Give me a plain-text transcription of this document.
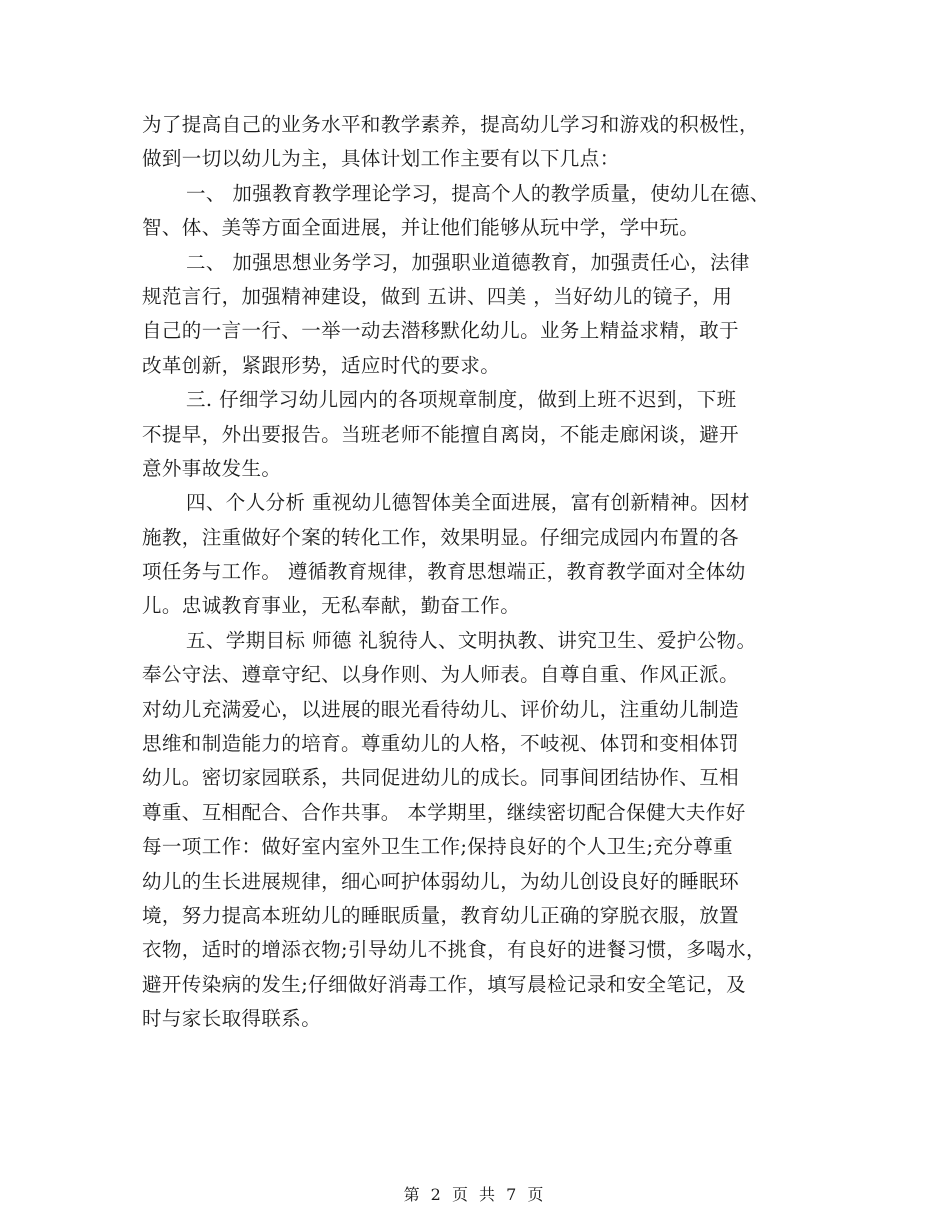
为了提高自己的业务水平和教学素养，提高幼儿学习和游戏的积极性，
做到一切以幼儿为主，具体计划工作主要有以下几点：
一、 加强教育教学理论学习，提高个人的教学质量，使幼儿在德、
智、体、美等方面全面进展，并让他们能够从玩中学，学中玩。
二、 加强思想业务学习，加强职业道德教育，加强责任心，法律
规范言行，加强精神建设，做到 五讲、四美 ，当好幼儿的镜子，用
自己的一言一行、一举一动去潜移默化幼儿。业务上精益求精，敢于
改革创新，紧跟形势，适应时代的要求。
三. 仔细学习幼儿园内的各项规章制度，做到上班不迟到，下班
不提早，外出要报告。当班老师不能擅自离岗，不能走廊闲谈，避开
意外事故发生。
四、个人分析 重视幼儿德智体美全面进展，富有创新精神。因材
施教，注重做好个案的转化工作，效果明显。仔细完成园内布置的各
项任务与工作。 遵循教育规律，教育思想端正，教育教学面对全体幼
儿。忠诚教育事业，无私奉献，勤奋工作。
五、学期目标 师德 礼貌待人、文明执教、讲究卫生、爱护公物。
奉公守法、遵章守纪、以身作则、为人师表。自尊自重、作风正派。
对幼儿充满爱心，以进展的眼光看待幼儿、评价幼儿，注重幼儿制造
思维和制造能力的培育。尊重幼儿的人格，不岐视、体罚和变相体罚
幼儿。密切家园联系，共同促进幼儿的成长。同事间团结协作、互相
尊重、互相配合、合作共事。 本学期里，继续密切配合保健大夫作好
每一项工作：做好室内室外卫生工作;保持良好的个人卫生;充分尊重
幼儿的生长进展规律，细心呵护体弱幼儿，为幼儿创设良好的睡眠环
境，努力提高本班幼儿的睡眠质量，教育幼儿正确的穿脱衣服，放置
衣物，适时的增添衣物;引导幼儿不挑食，有良好的进餐习惯，多喝水，
避开传染病的发生;仔细做好消毒工作，填写晨检记录和安全笔记，及
时与家长取得联系。
第 2 页 共 7 页
